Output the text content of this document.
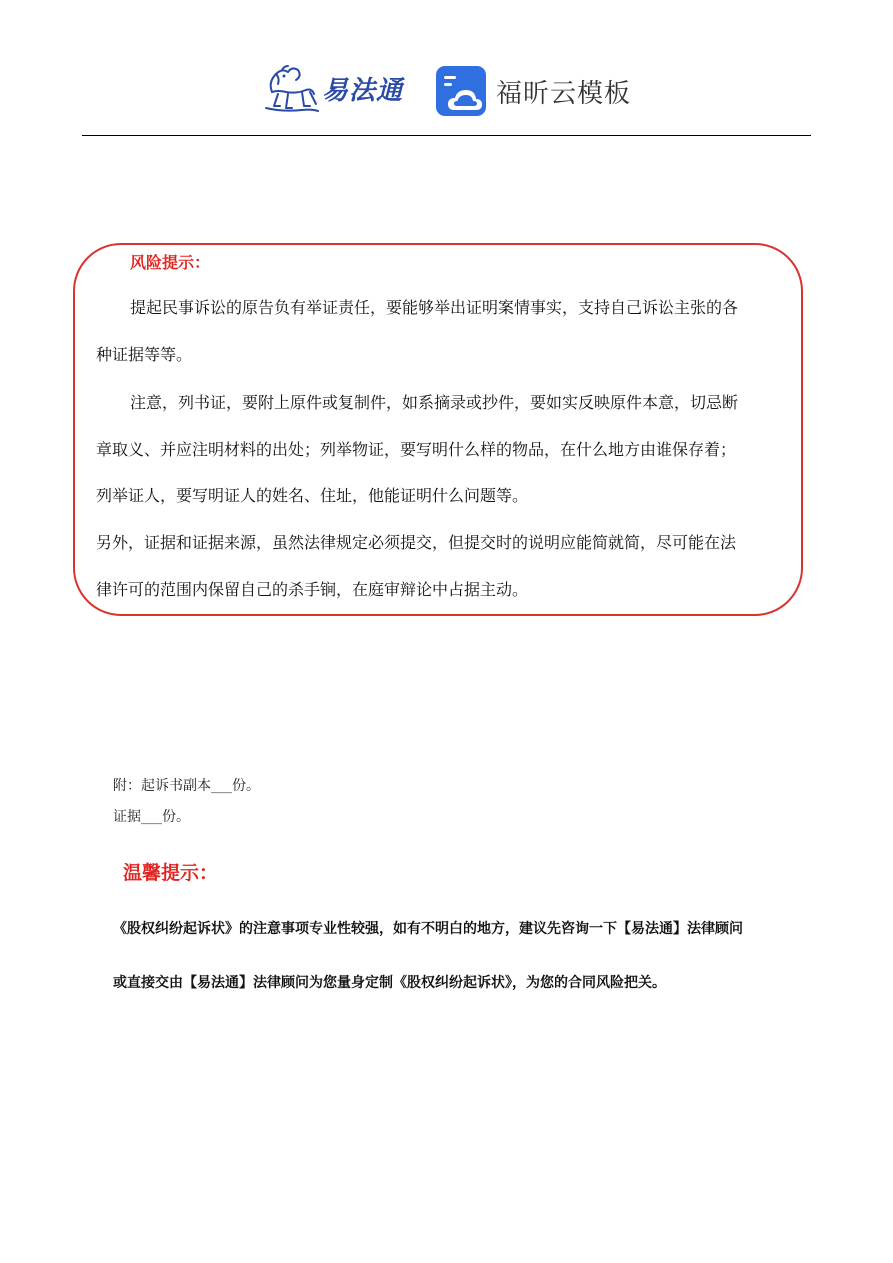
易法通	福昕云模板
风险提示：
提起民事诉讼的原告负有举证责任，要能够举出证明案情事实，支持自己诉讼主张的各
种证据等等。
注意，列书证，要附上原件或复制件，如系摘录或抄件，要如实反映原件本意，切忌断
章取义、并应注明材料的出处；列举物证，要写明什么样的物品，在什么地方由谁保存着；
列举证人，要写明证人的姓名、住址，他能证明什么问题等。
另外，证据和证据来源，虽然法律规定必须提交，但提交时的说明应能简就简，尽可能在法
律许可的范围内保留自己的杀手锏，在庭审辩论中占据主动。
附：起诉书副本___份。
证据___份。
温馨提示：
《股权纠纷起诉状》的注意事项专业性较强，如有不明白的地方，建议先咨询一下【易法通】法律顾问
或直接交由【易法通】法律顾问为您量身定制《股权纠纷起诉状》，为您的合同风险把关。
